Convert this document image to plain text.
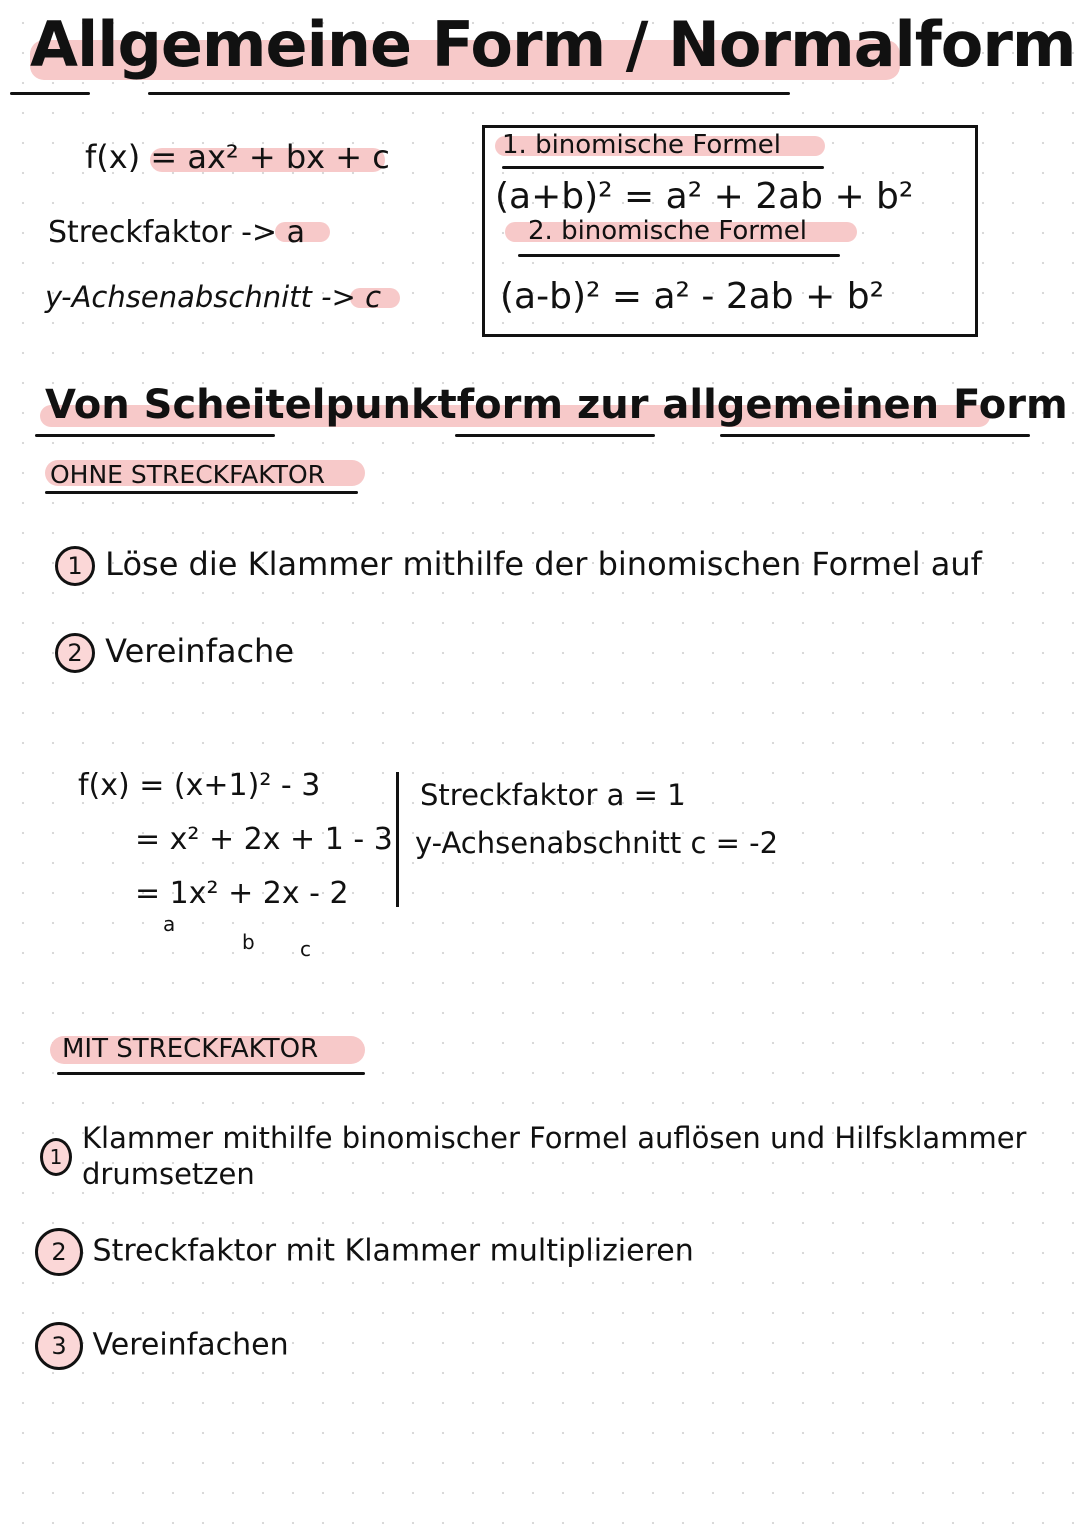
Allgemeine Form / Normalform
f(x) = ax² + bx + c
Streckfaktor -> a
y-Achsenabschnitt -> c
1. binomische Formel
(a+b)² = a² + 2ab + b²
2. binomische Formel
(a-b)² = a² - 2ab + b²
Von Scheitelpunktform zur allgemeinen Form
OHNE STRECKFAKTOR
1 Löse die Klammer mithilfe der binomischen Formel auf
2 Vereinfache
f(x) = (x+1)² - 3
= x² + 2x + 1 - 3
= 1x² + 2x - 2
a
b c
Streckfaktor a = 1
y-Achsenabschnitt c = -2
MIT STRECKFAKTOR
1
Klammer mithilfe binomischer Formel auflösen und Hilfsklammer drumsetzen
2 Streckfaktor mit Klammer multiplizieren
3 Vereinfachen
